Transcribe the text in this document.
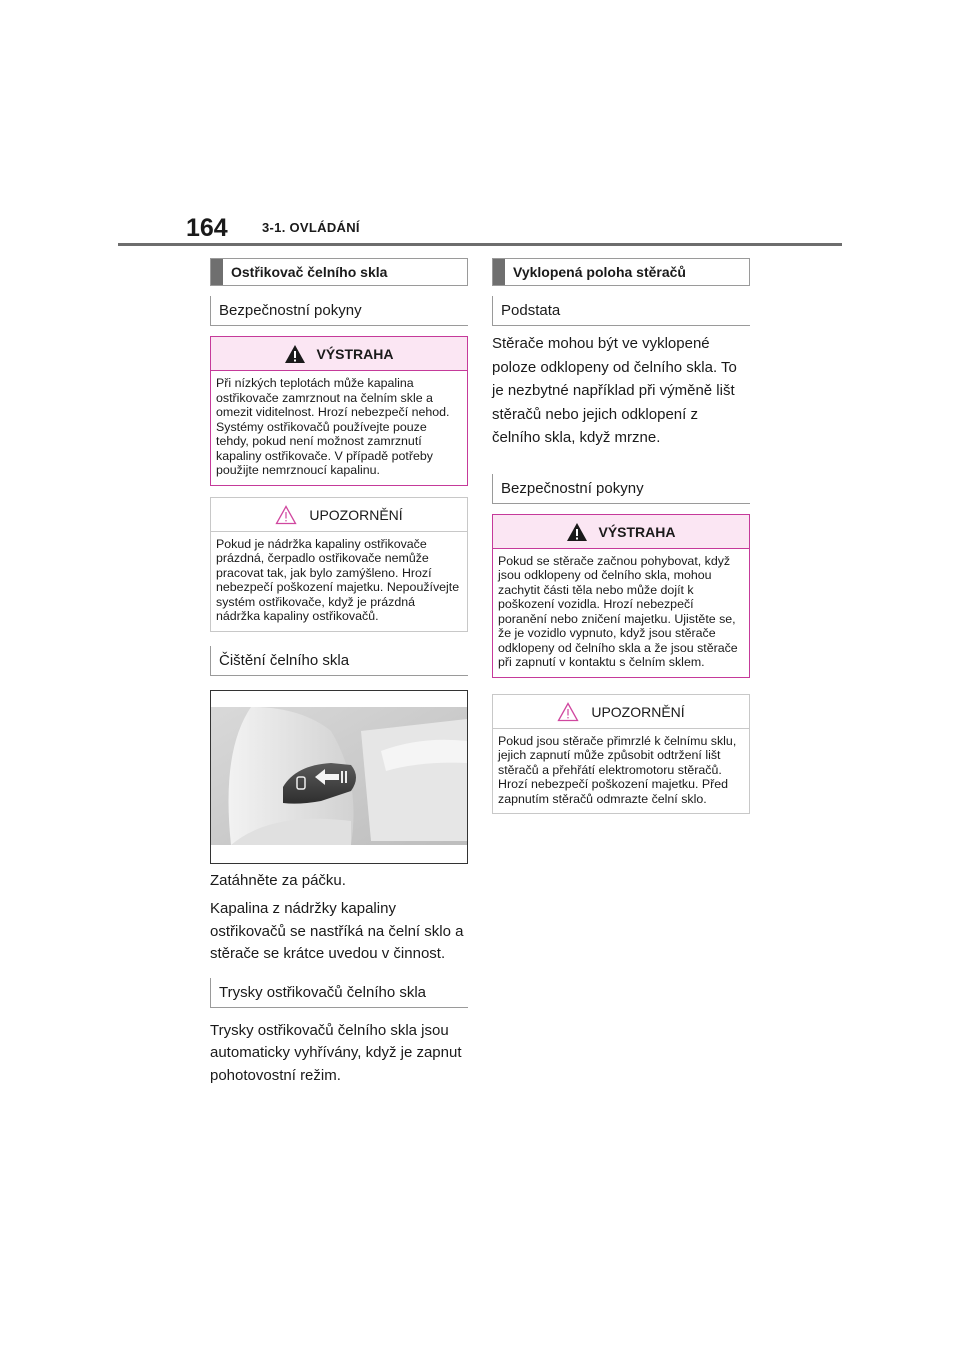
164	3-1. OVLÁDÁNÍ
Ostřikovač čelního skla
Bezpečnostní pokyny
VÝSTRAHA
Při nízkých teplotách může kapalina ostřikovače zamrznout na čelním skle a omezit viditelnost. Hrozí nebezpečí nehod. Systémy ostřikovačů používejte pouze tehdy, pokud není možnost zamrznutí kapaliny ostřikovače. V případě potřeby použijte nemrznoucí kapalinu.
UPOZORNĚNÍ
Pokud je nádržka kapaliny ostřikovače prázdná, čerpadlo ostřikovače nemůže pracovat tak, jak bylo zamýšleno. Hrozí nebezpečí poškození majetku. Nepoužívejte systém ostřikovače, když je prázdná nádržka kapaliny ostřikovačů.
Čištění čelního skla

Zatáhněte za páčku.

Kapalina z nádržky kapaliny ostřikovačů se nastříká na čelní sklo a stěrače se krátce uvedou v činnost.

Trysky ostřikovačů čelního skla

Trysky ostřikovačů čelního skla jsou automaticky vyhřívány, když je zapnut pohotovostní režim.

Vyklopená poloha stěračů
Podstata

Stěrače mohou být ve vyklopené poloze odklopeny od čelního skla. To je nezbytné například při výměně lišt stěračů nebo jejich odklopení z čelního skla, když mrzne.

Bezpečnostní pokyny
VÝSTRAHA
Pokud se stěrače začnou pohybovat, když jsou odklopeny od čelního skla, mohou zachytit části těla nebo může dojít k poškození vozidla. Hrozí nebezpečí poranění nebo zničení majetku. Ujistěte se, že je vozidlo vypnuto, když jsou stěrače odklopeny od čelního skla a že jsou stěrače při zapnutí v kontaktu s čelním sklem.
UPOZORNĚNÍ
Pokud jsou stěrače přimrzlé k čelnímu sklu, jejich zapnutí může způsobit odtržení lišt stěračů a přehřátí elektromotoru stěračů. Hrozí nebezpečí poškození majetku. Před zapnutím stěračů odmrazte čelní sklo.
